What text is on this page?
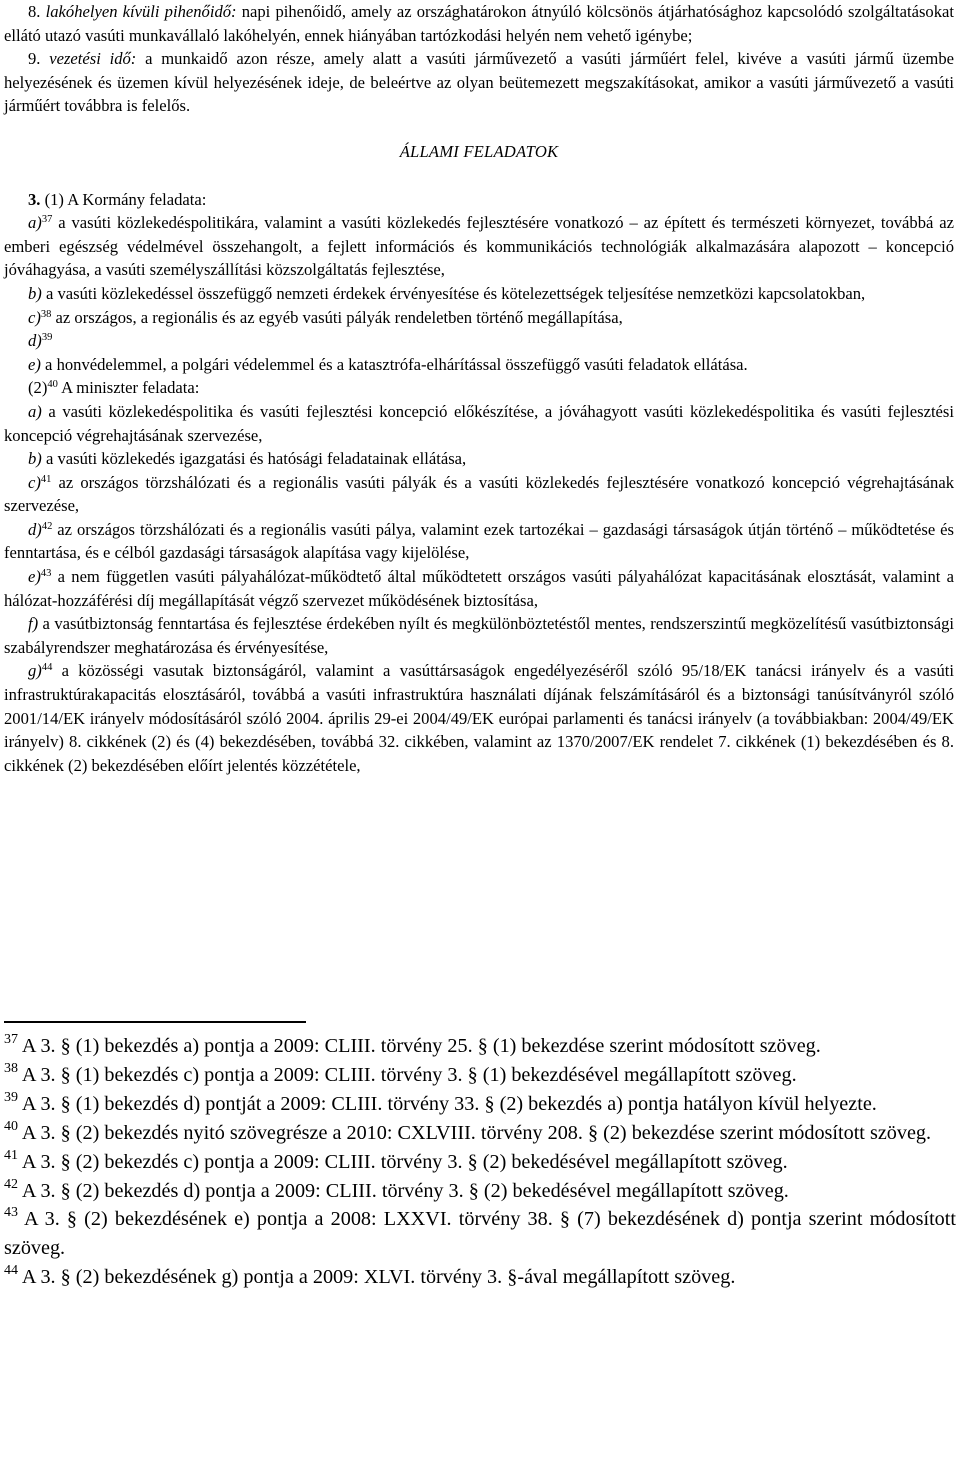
8. lakóhelyen kívüli pihenőidő: napi pihenőidő, amely az országhatárokon átnyúló kölcsönös átjárhatósághoz kapcsolódó szolgáltatásokat ellátó utazó vasúti munkavállaló lakóhelyén, ennek hiányában tartózkodási helyén nem vehető igénybe;

9. vezetési idő: a munkaidő azon része, amely alatt a vasúti járművezető a vasúti járműért felel, kivéve a vasúti jármű üzembe helyezésének és üzemen kívül helyezésének ideje, de beleértve az olyan beütemezett megszakításokat, amikor a vasúti járművezető a vasúti járműért továbbra is felelős.

ÁLLAMI FELADATOK

3. (1) A Kormány feladata:

a)$^{37}$ a vasúti közlekedéspolitikára, valamint a vasúti közlekedés fejlesztésére vonatkozó – az épített és természeti környezet, továbbá az emberi egészség védelmével összehangolt, a fejlett információs és kommunikációs technológiák alkalmazására alapozott – koncepció jóváhagyása, a vasúti személyszállítási közszolgáltatás fejlesztése,

b) a vasúti közlekedéssel összefüggő nemzeti érdekek érvényesítése és kötelezettségek teljesítése nemzetközi kapcsolatokban,

c)$^{38}$ az országos, a regionális és az egyéb vasúti pályák rendeletben történő megállapítása,

d)$^{39}$

e) a honvédelemmel, a polgári védelemmel és a katasztrófa-elhárítással összefüggő vasúti feladatok ellátása.

$(2)^{40}$ A miniszter feladata:

a) a vasúti közlekedéspolitika és vasúti fejlesztési koncepció előkészítése, a jóváhagyott vasúti közlekedéspolitika és vasúti fejlesztési koncepció végrehajtásának szervezése,

b) a vasúti közlekedés igazgatási és hatósági feladatainak ellátása,

c)$^{41}$ az országos törzshálózati és a regionális vasúti pályák és a vasúti közlekedés fejlesztésére vonatkozó koncepció végrehajtásának szervezése,

d)$^{42}$ az országos törzshálózati és a regionális vasúti pálya, valamint ezek tartozékai – gazdasági társaságok útján történő – működtetése és fenntartása, és e célból gazdasági társaságok alapítása vagy kijelölése,

e)$^{43}$ a nem független vasúti pályahálózat-működtető által működtetett országos vasúti pályahálózat kapacitásának elosztását, valamint a hálózat-hozzáférési díj megállapítását végző szervezet működésének biztosítása,

f) a vasútbiztonság fenntartása és fejlesztése érdekében nyílt és megkülönböztetéstől mentes, rendszerszintű megközelítésű vasútbiztonsági szabályrendszer meghatározása és érvényesítése,

g)$^{44}$ a közösségi vasutak biztonságáról, valamint a vasúttársaságok engedélyezéséről szóló 95/18/EK tanácsi irányelv és a vasúti infrastruktúrakapacitás elosztásáról, továbbá a vasúti infrastruktúra használati díjának felszámításáról és a biztonsági tanúsítványról szóló 2001/14/EK irányelv módosításáról szóló 2004. április 29-ei 2004/49/EK európai parlamenti és tanácsi irányelv (a továbbiakban: 2004/49/EK irányelv) 8. cikkének (2) és (4) bekezdésében, továbbá 32. cikkében, valamint az 1370/2007/EK rendelet 7. cikkének (1) bekezdésében és 8. cikkének (2) bekezdésében előírt jelentés közzététele,

$^{37}$ A 3. § (1) bekezdés a) pontja a 2009: CLIII. törvény 25. § (1) bekezdése szerint módosított szöveg.

$^{38}$ A 3. § (1) bekezdés c) pontja a 2009: CLIII. törvény 3. § (1) bekezdésével megállapított szöveg.

$^{39}$ A 3. § (1) bekezdés d) pontját a 2009: CLIII. törvény 33. § (2) bekezdés a) pontja hatályon kívül helyezte.

$^{40}$ A 3. § (2) bekezdés nyitó szövegrésze a 2010: CXLVIII. törvény 208. § (2) bekezdése szerint módosított szöveg.

$^{41}$ A 3. § (2) bekezdés c) pontja a 2009: CLIII. törvény 3. § (2) bekedésével megállapított szöveg.

$^{42}$ A 3. § (2) bekezdés d) pontja a 2009: CLIII. törvény 3. § (2) bekedésével megállapított szöveg.

$^{43}$ A 3. § (2) bekezdésének e) pontja a 2008: LXXVI. törvény 38. § (7) bekezdésének d) pontja szerint módosított szöveg.

$^{44}$ A 3. § (2) bekezdésének g) pontja a 2009: XLVI. törvény 3. §-ával megállapított szöveg.
